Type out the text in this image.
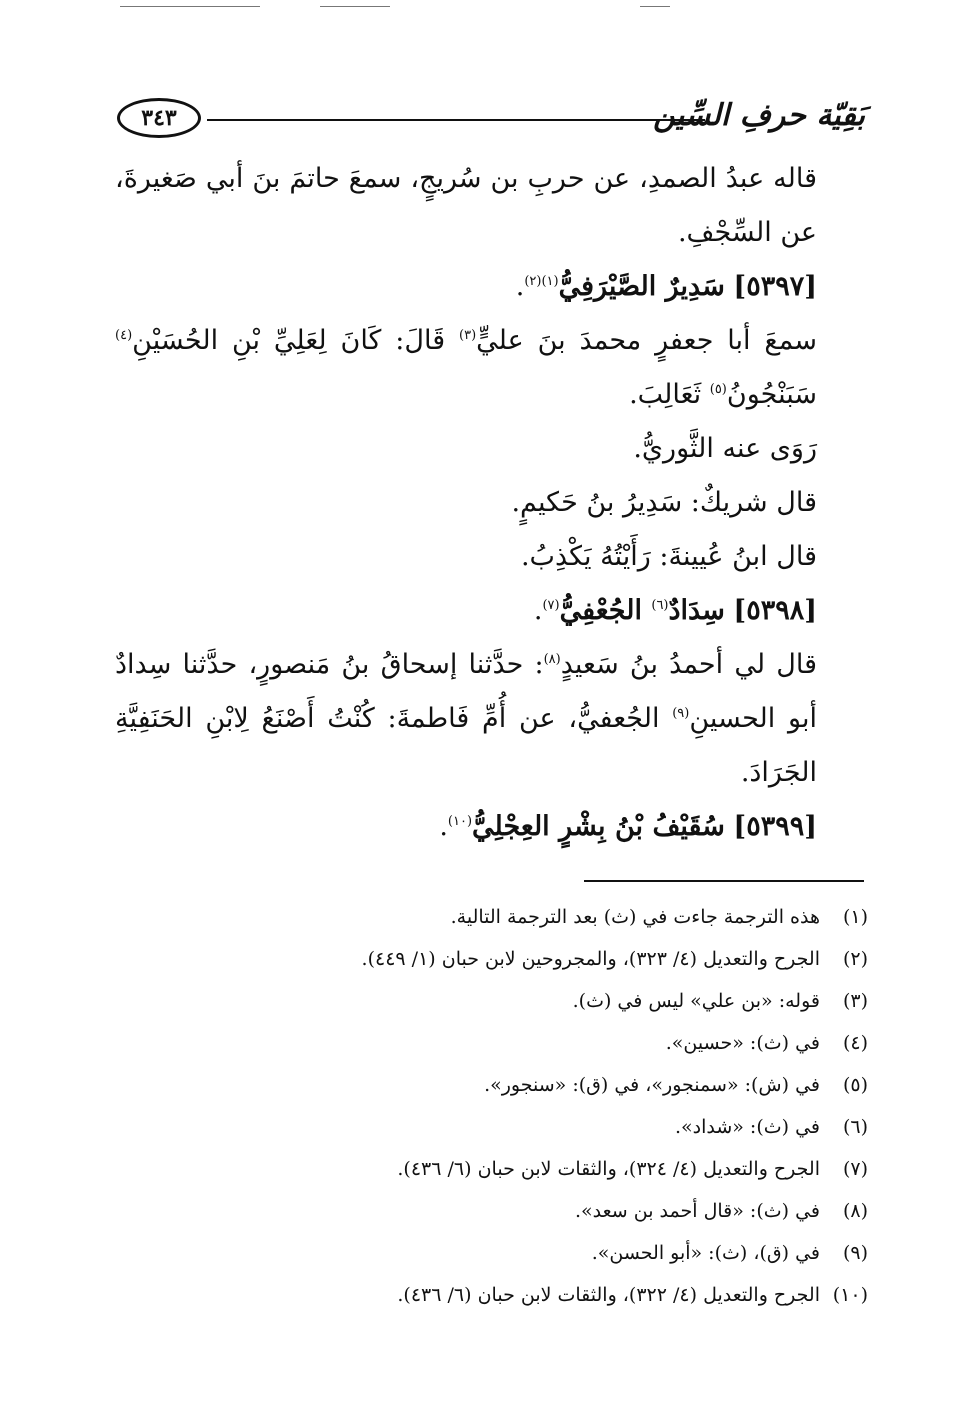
٣٤٣	بَقِيّة حرفِ السِّين

قاله عبدُ الصمدِ، عن حربِ بن سُريجٍ، سمعَ حاتمَ بنَ أبي صَغيرةَ، عن السِّجْفِ.

[٥٣٩٧] سَدِيرٌ الصَّيْرَفِيُّ$^{(١)(٢)}$.

سمعَ أبا جعفرٍ محمدَ بنَ عليٍّ$^{(٣)}$ قَالَ: كَانَ لِعَلِيِّ بْنِ الحُسَيْنِ$^{(٤)}$ سَبَنْجُونُ$^{(٥)}$ ثَعَالِبَ.

رَوَى عنه الثَّوريُّ.

قال شريكٌ: سَدِيرُ بنُ حَكيمٍ.

قال ابنُ عُيينةَ: رَأَيْتُهُ يَكْذِبُ.

[٥٣٩٨] سِدَادٌ$^{(٦)}$ الجُعْفِيُّ$^{(٧)}$.

قال لي أحمدُ بنُ سَعيدٍ$^{(٨)}$: حدَّثنا إسحاقُ بنُ مَنصورٍ، حدَّثنا سِدادٌ أبو الحسينِ$^{(٩)}$ الجُعفيُّ، عن أُمِّ فَاطمةَ: كُنْتُ أَصْنَعُ لِابْنِ الحَنَفِيَّةِ الجَرَادَ.

[٥٣٩٩] سُقَيْفُ بْنُ بِشْرٍ العِجْلِيُّ$^{(١٠)}$.

(١)هذه الترجمة جاءت في (ث) بعد الترجمة التالية.
(٢)الجرح والتعديل (٤/ ٣٢٣)، والمجروحين لابن حبان (١/ ٤٤٩).
(٣)قوله: «بن علي» ليس في (ث).
(٤)في (ث): «حسين».
(٥)في (ش): «سمنجور»، في (ق): «سنجور».
(٦)في (ث): «شداد».
(٧)الجرح والتعديل (٤/ ٣٢٤)، والثقات لابن حبان (٦/ ٤٣٦).
(٨)في (ث): «قال أحمد بن سعد».
(٩)في (ق)، (ث): «أبو الحسن».
(١٠)الجرح والتعديل (٤/ ٣٢٢)، والثقات لابن حبان (٦/ ٤٣٦).
